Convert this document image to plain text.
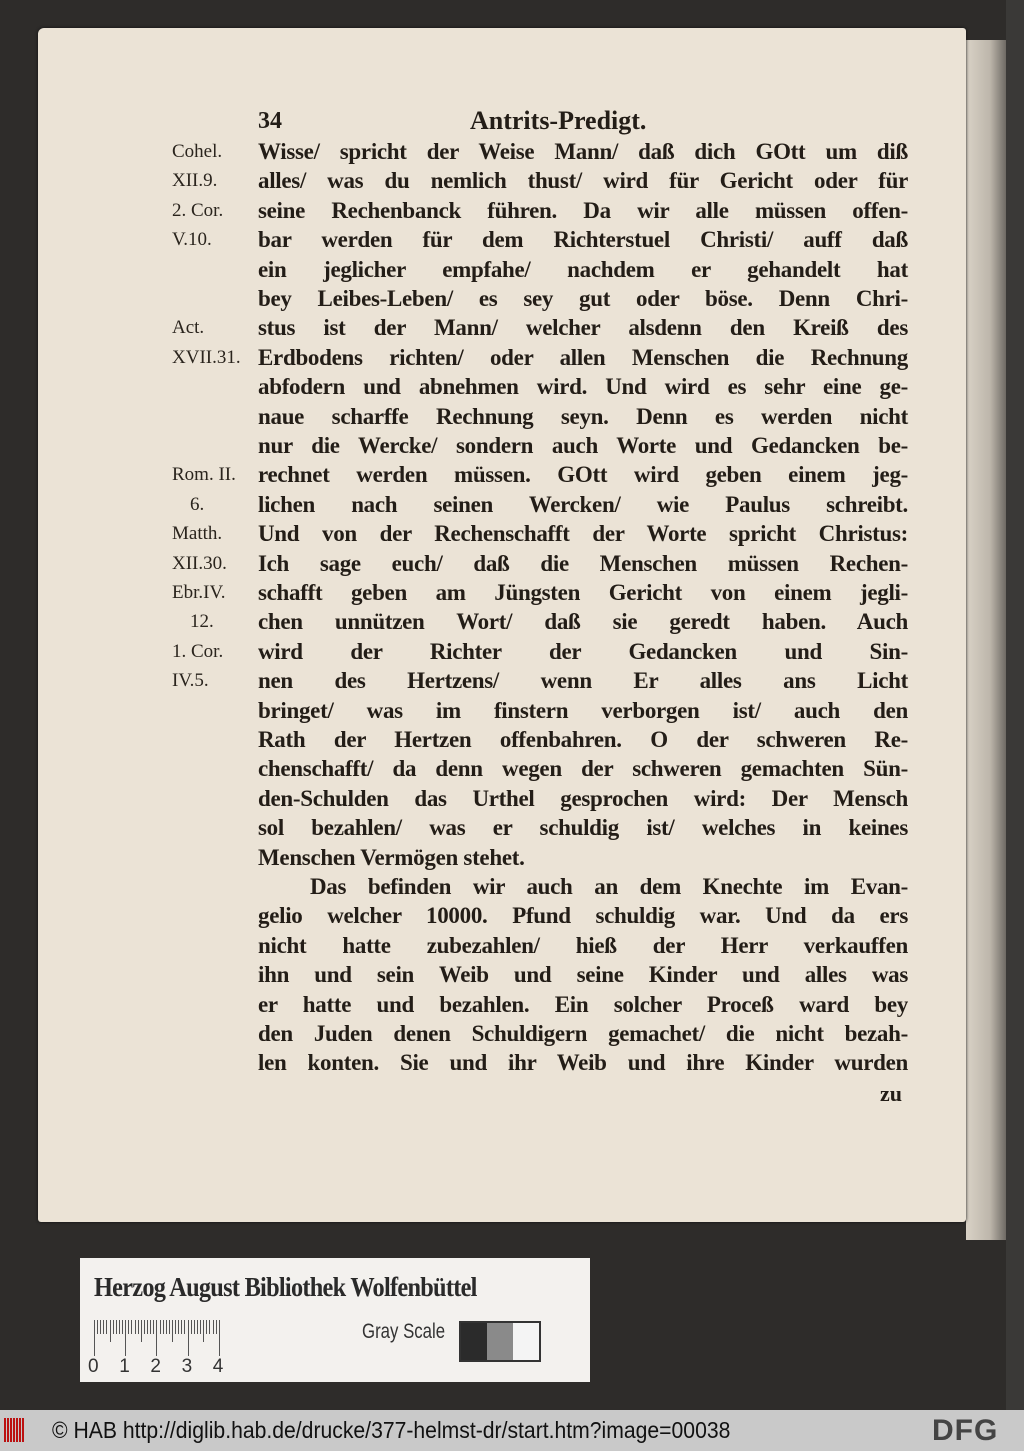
34	Antrits-Predigt.
Wisse/ spricht der Weise Mann/ daß dich GOtt um diß
Cohel.
alles/ was du nemlich thust/ wird für Gericht oder für
XII.9.
seine Rechenbanck führen. Da wir alle müssen offen-
2. Cor.
bar werden für dem Richterstuel Christi/ auff daß
V.10.
ein jeglicher empfahe/ nachdem er gehandelt hat
bey Leibes-Leben/ es sey gut oder böse. Denn Chri-
stus ist der Mann/ welcher alsdenn den Kreiß des
Act.
Erdbodens richten/ oder allen Menschen die Rechnung
XVII.31.
abfodern und abnehmen wird. Und wird es sehr eine ge-
naue scharffe Rechnung seyn. Denn es werden nicht
nur die Wercke/ sondern auch Worte und Gedancken be-
rechnet werden müssen. GOtt wird geben einem jeg-
Rom. II.
lichen nach seinen Wercken/ wie Paulus schreibt.
6.
Und von der Rechenschafft der Worte spricht Christus:
Matth.
Ich sage euch/ daß die Menschen müssen Rechen-
XII.30.
schafft geben am Jüngsten Gericht von einem jegli-
Ebr.IV.
chen unnützen Wort/ daß sie geredt haben. Auch
12.
wird der Richter der Gedancken und Sin-
1. Cor.
nen des Hertzens/ wenn Er alles ans Licht
IV.5.
bringet/ was im finstern verborgen ist/ auch den
Rath der Hertzen offenbahren. O der schweren Re-
chenschafft/ da denn wegen der schweren gemachten Sün-
den-Schulden das Urthel gesprochen wird: Der Mensch
sol bezahlen/ was er schuldig ist/ welches in keines
Menschen Vermögen stehet.
Das befinden wir auch an dem Knechte im Evan-
gelio welcher 10000. Pfund schuldig war. Und da ers
nicht hatte zubezahlen/ hieß der Herr verkauffen
ihn und sein Weib und seine Kinder und alles was
er hatte und bezahlen. Ein solcher Proceß ward bey
den Juden denen Schuldigern gemachet/ die nicht bezah-
len konten. Sie und ihr Weib und ihre Kinder wurden
zu
Herzog August Bibliothek Wolfenbüttel
Gray Scale
0 1 2 3 4
© HAB http://diglib.hab.de/drucke/377-helmst-dr/start.htm?image=00038	DFG
